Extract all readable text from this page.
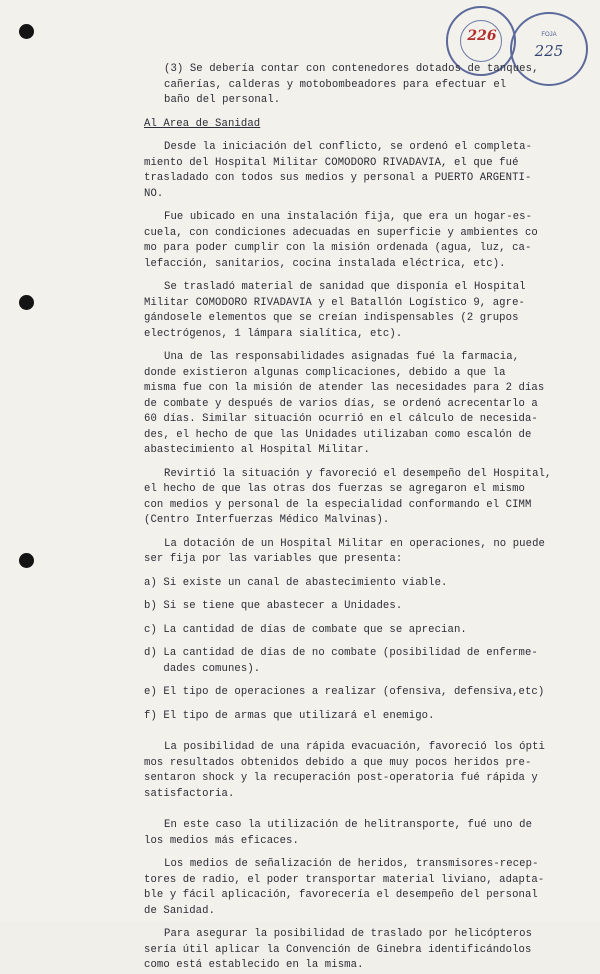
226	FOJA
225
(3) Se debería contar con contenedores dotados de tanques,
cañerías, calderas y motobombeadores para efectuar el
baño del personal.
Al Area de Sanidad
Desde la iniciación del conflicto, se ordenó el completa-
miento del Hospital Militar COMODORO RIVADAVIA, el que fué
trasladado con todos sus medios y personal a PUERTO ARGENTI-
NO.
Fue ubicado en una instalación fija, que era un hogar-es-
cuela, con condiciones adecuadas en superficie y ambientes co
mo para poder cumplir con la misión ordenada (agua, luz, ca-
lefacción, sanitarios, cocina instalada eléctrica, etc).
Se trasladó material de sanidad que disponía el Hospital
Militar COMODORO RIVADAVIA y el Batallón Logístico 9, agre-
gándosele elementos que se creían indispensables (2 grupos
electrógenos, 1 lámpara sialítica, etc).
Una de las responsabilidades asignadas fué la farmacia,
donde existieron algunas complicaciones, debido a que la
misma fue con la misión de atender las necesidades para 2 días
de combate y después de varios días, se ordenó acrecentarlo a
60 días. Similar situación ocurrió en el cálculo de necesida-
des, el hecho de que las Unidades utilizaban como escalón de
abastecimiento al Hospital Militar.
Revirtió la situación y favoreció el desempeño del Hospital,
el hecho de que las otras dos fuerzas se agregaron el mismo
con medios y personal de la especialidad conformando el CIMM
(Centro Interfuerzas Médico Malvinas).
La dotación de un Hospital Militar en operaciones, no puede
ser fija por las variables que presenta:
a) Si existe un canal de abastecimiento viable.
b) Si se tiene que abastecer a Unidades.
c) La cantidad de días de combate que se aprecian.
d) La cantidad de días de no combate (posibilidad de enferme-
dades comunes).
e) El tipo de operaciones a realizar (ofensiva, defensiva,etc)
f) El tipo de armas que utilizará el enemigo.
La posibilidad de una rápida evacuación, favoreció los ópti
mos resultados obtenidos debido a que muy pocos heridos pre-
sentaron shock y la recuperación post-operatoria fué rápida y
satisfactoria.
En este caso la utilización de helitransporte, fué uno de
los medios más eficaces.
Los medios de señalización de heridos, transmisores-recep-
tores de radio, el poder transportar material liviano, adapta-
ble y fácil aplicación, favorecería el desempeño del personal
de Sanidad.
Para asegurar la posibilidad de traslado por helicópteros
sería útil aplicar la Convención de Ginebra identificándolos
como está establecido en la misma.
